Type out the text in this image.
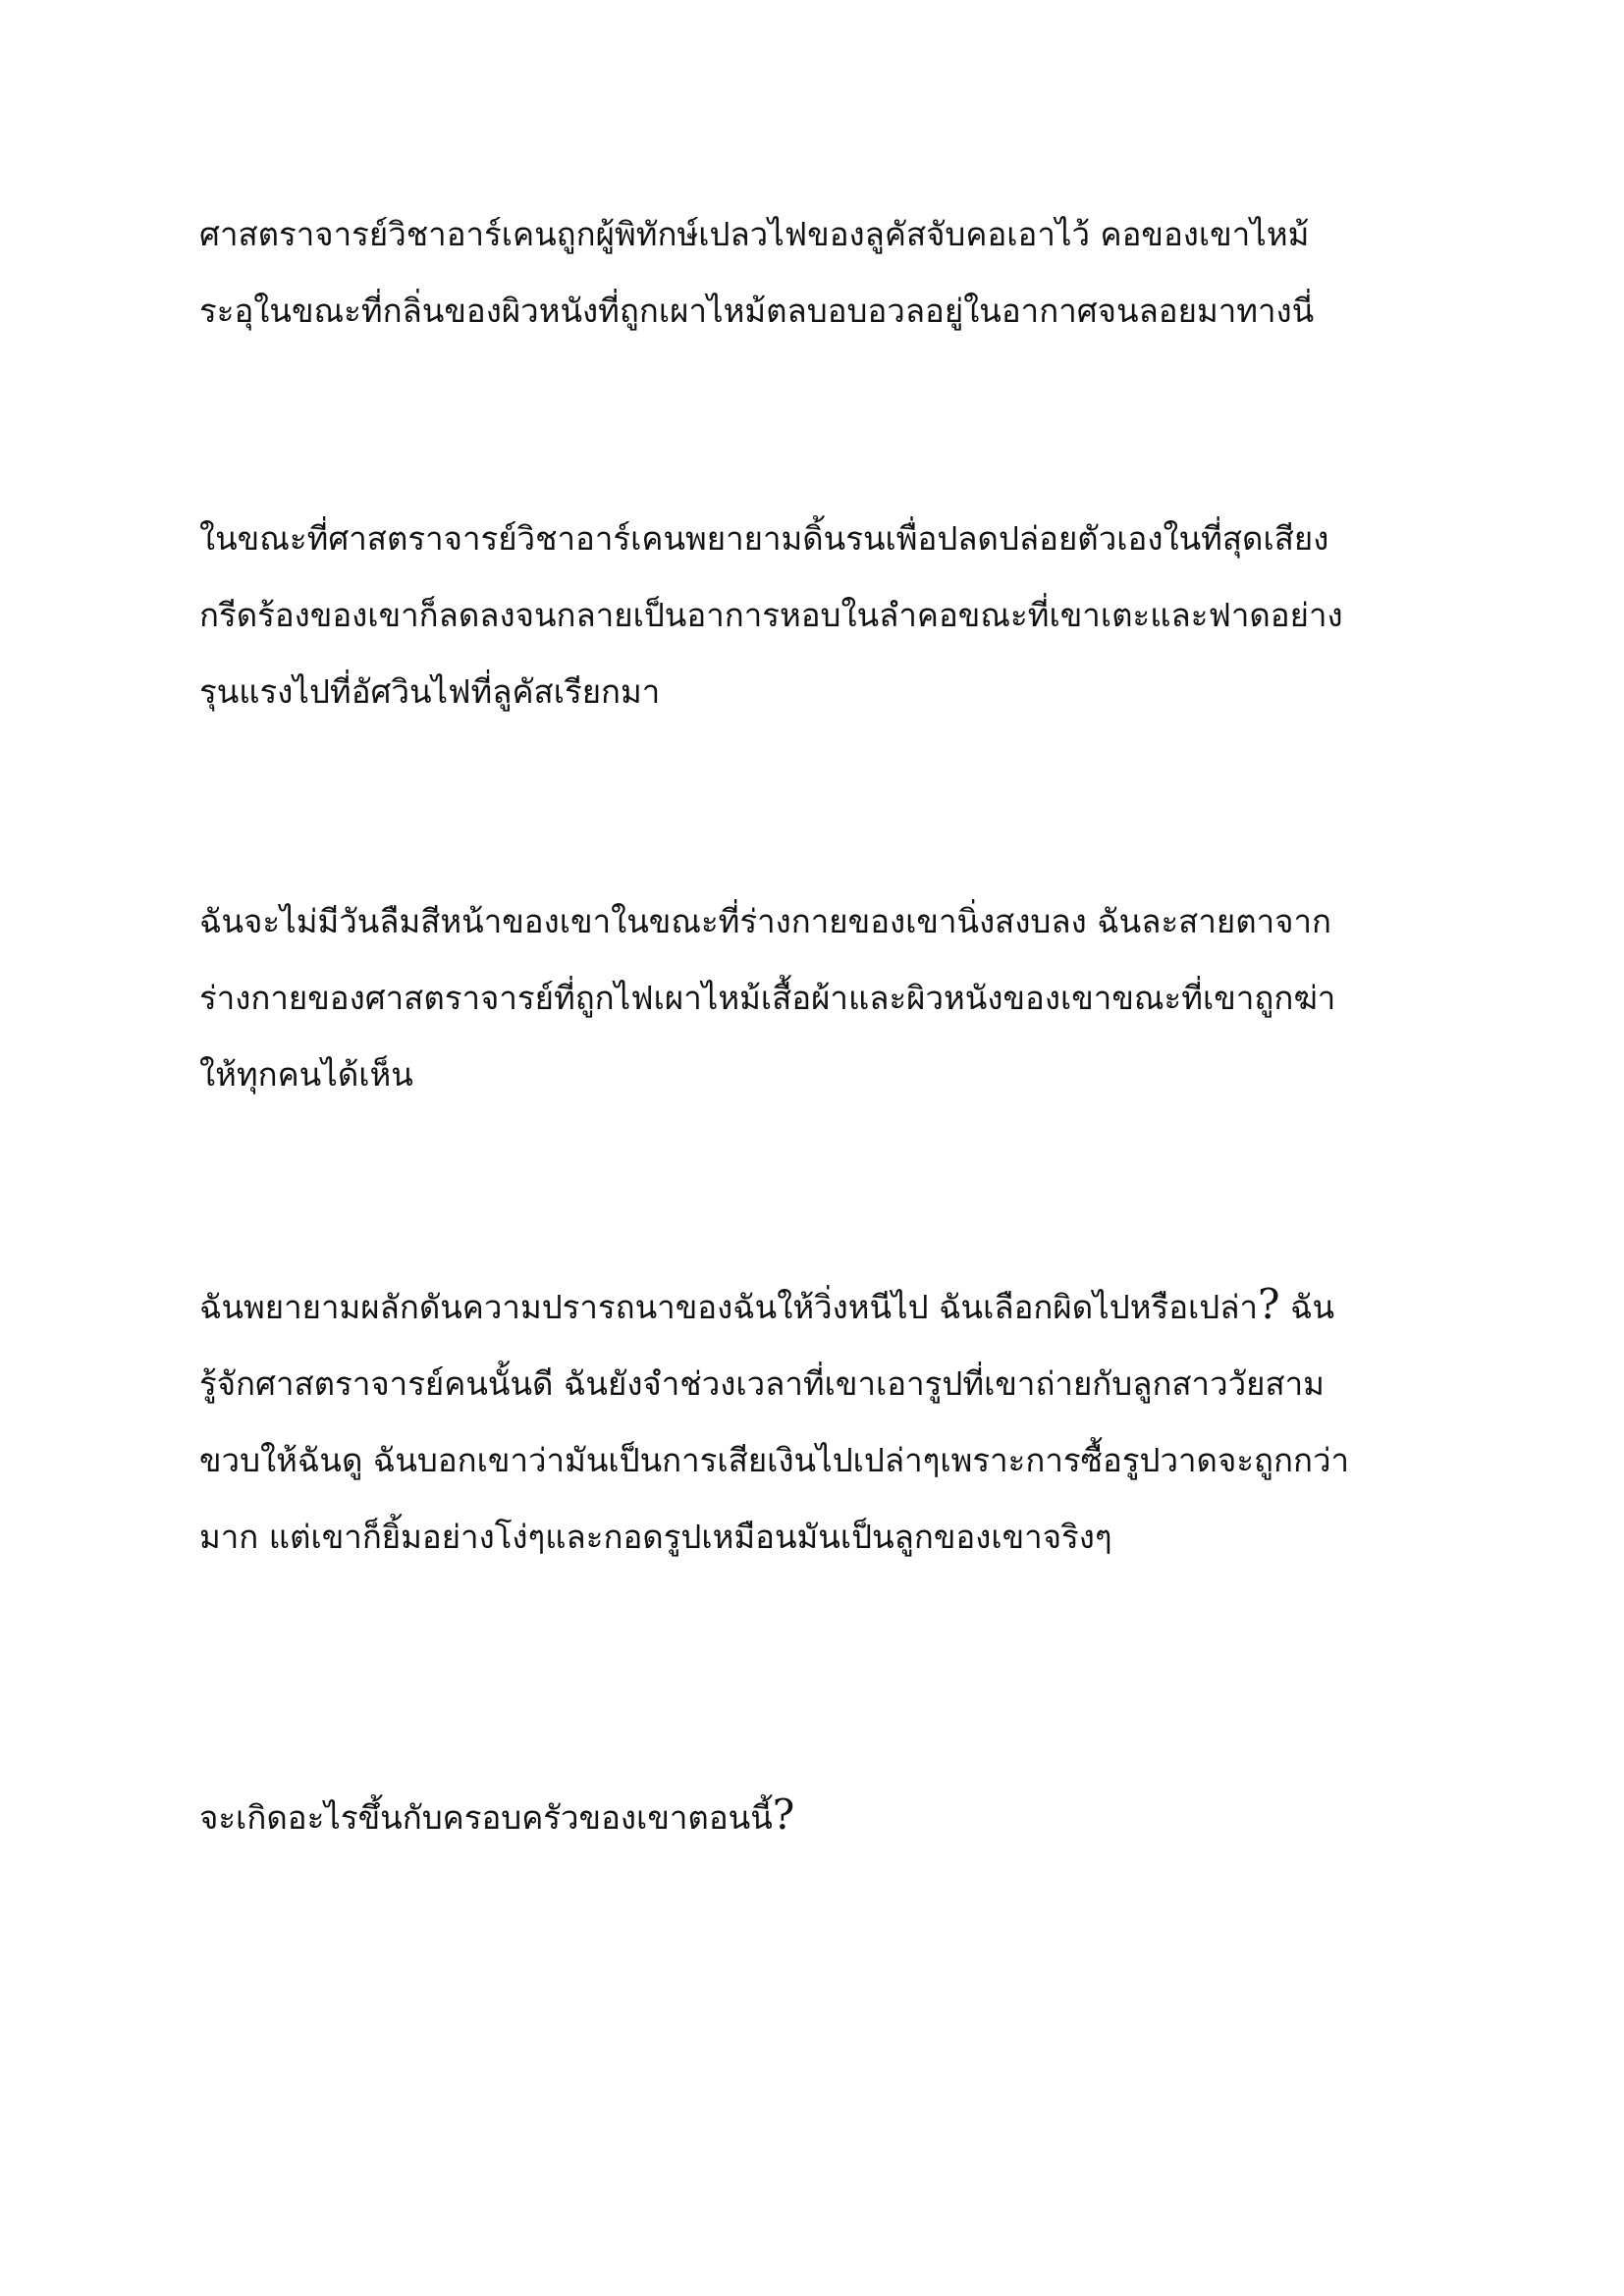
ศาสตราจารย์วิชาอาร์เคนถูกผู้พิทักษ์เปลวไฟของลูคัสจับคอเอาไว้ คอของเขาไหม้
ระอุในขณะที่กลิ่นของผิวหนังที่ถูกเผาไหม้ตลบอบอวลอยู่ในอากาศจนลอยมาทางนี่

ในขณะที่ศาสตราจารย์วิชาอาร์เคนพยายามดิ้นรนเพื่อปลดปล่อยตัวเองในที่สุดเสียง
กรีดร้องของเขาก็ลดลงจนกลายเป็นอาการหอบในลำคอขณะที่เขาเตะและฟาดอย่าง
รุนแรงไปที่อัศวินไฟที่ลูคัสเรียกมา

ฉันจะไม่มีวันลืมสีหน้าของเขาในขณะที่ร่างกายของเขานิ่งสงบลง ฉันละสายตาจาก
ร่างกายของศาสตราจารย์ที่ถูกไฟเผาไหม้เสื้อผ้าและผิวหนังของเขาขณะที่เขาถูกฆ่า
ให้ทุกคนได้เห็น

ฉันพยายามผลักดันความปรารถนาของฉันให้วิ่งหนีไป ฉันเลือกผิดไปหรือเปล่า? ฉัน
รู้จักศาสตราจารย์คนนั้นดี ฉันยังจำช่วงเวลาที่เขาเอารูปที่เขาถ่ายกับลูกสาววัยสาม
ขวบให้ฉันดู ฉันบอกเขาว่ามันเป็นการเสียเงินไปเปล่าๆเพราะการซื้อรูปวาดจะถูกกว่า
มาก แต่เขาก็ยิ้มอย่างโง่ๆและกอดรูปเหมือนมันเป็นลูกของเขาจริงๆ

จะเกิดอะไรขึ้นกับครอบครัวของเขาตอนนี้?
